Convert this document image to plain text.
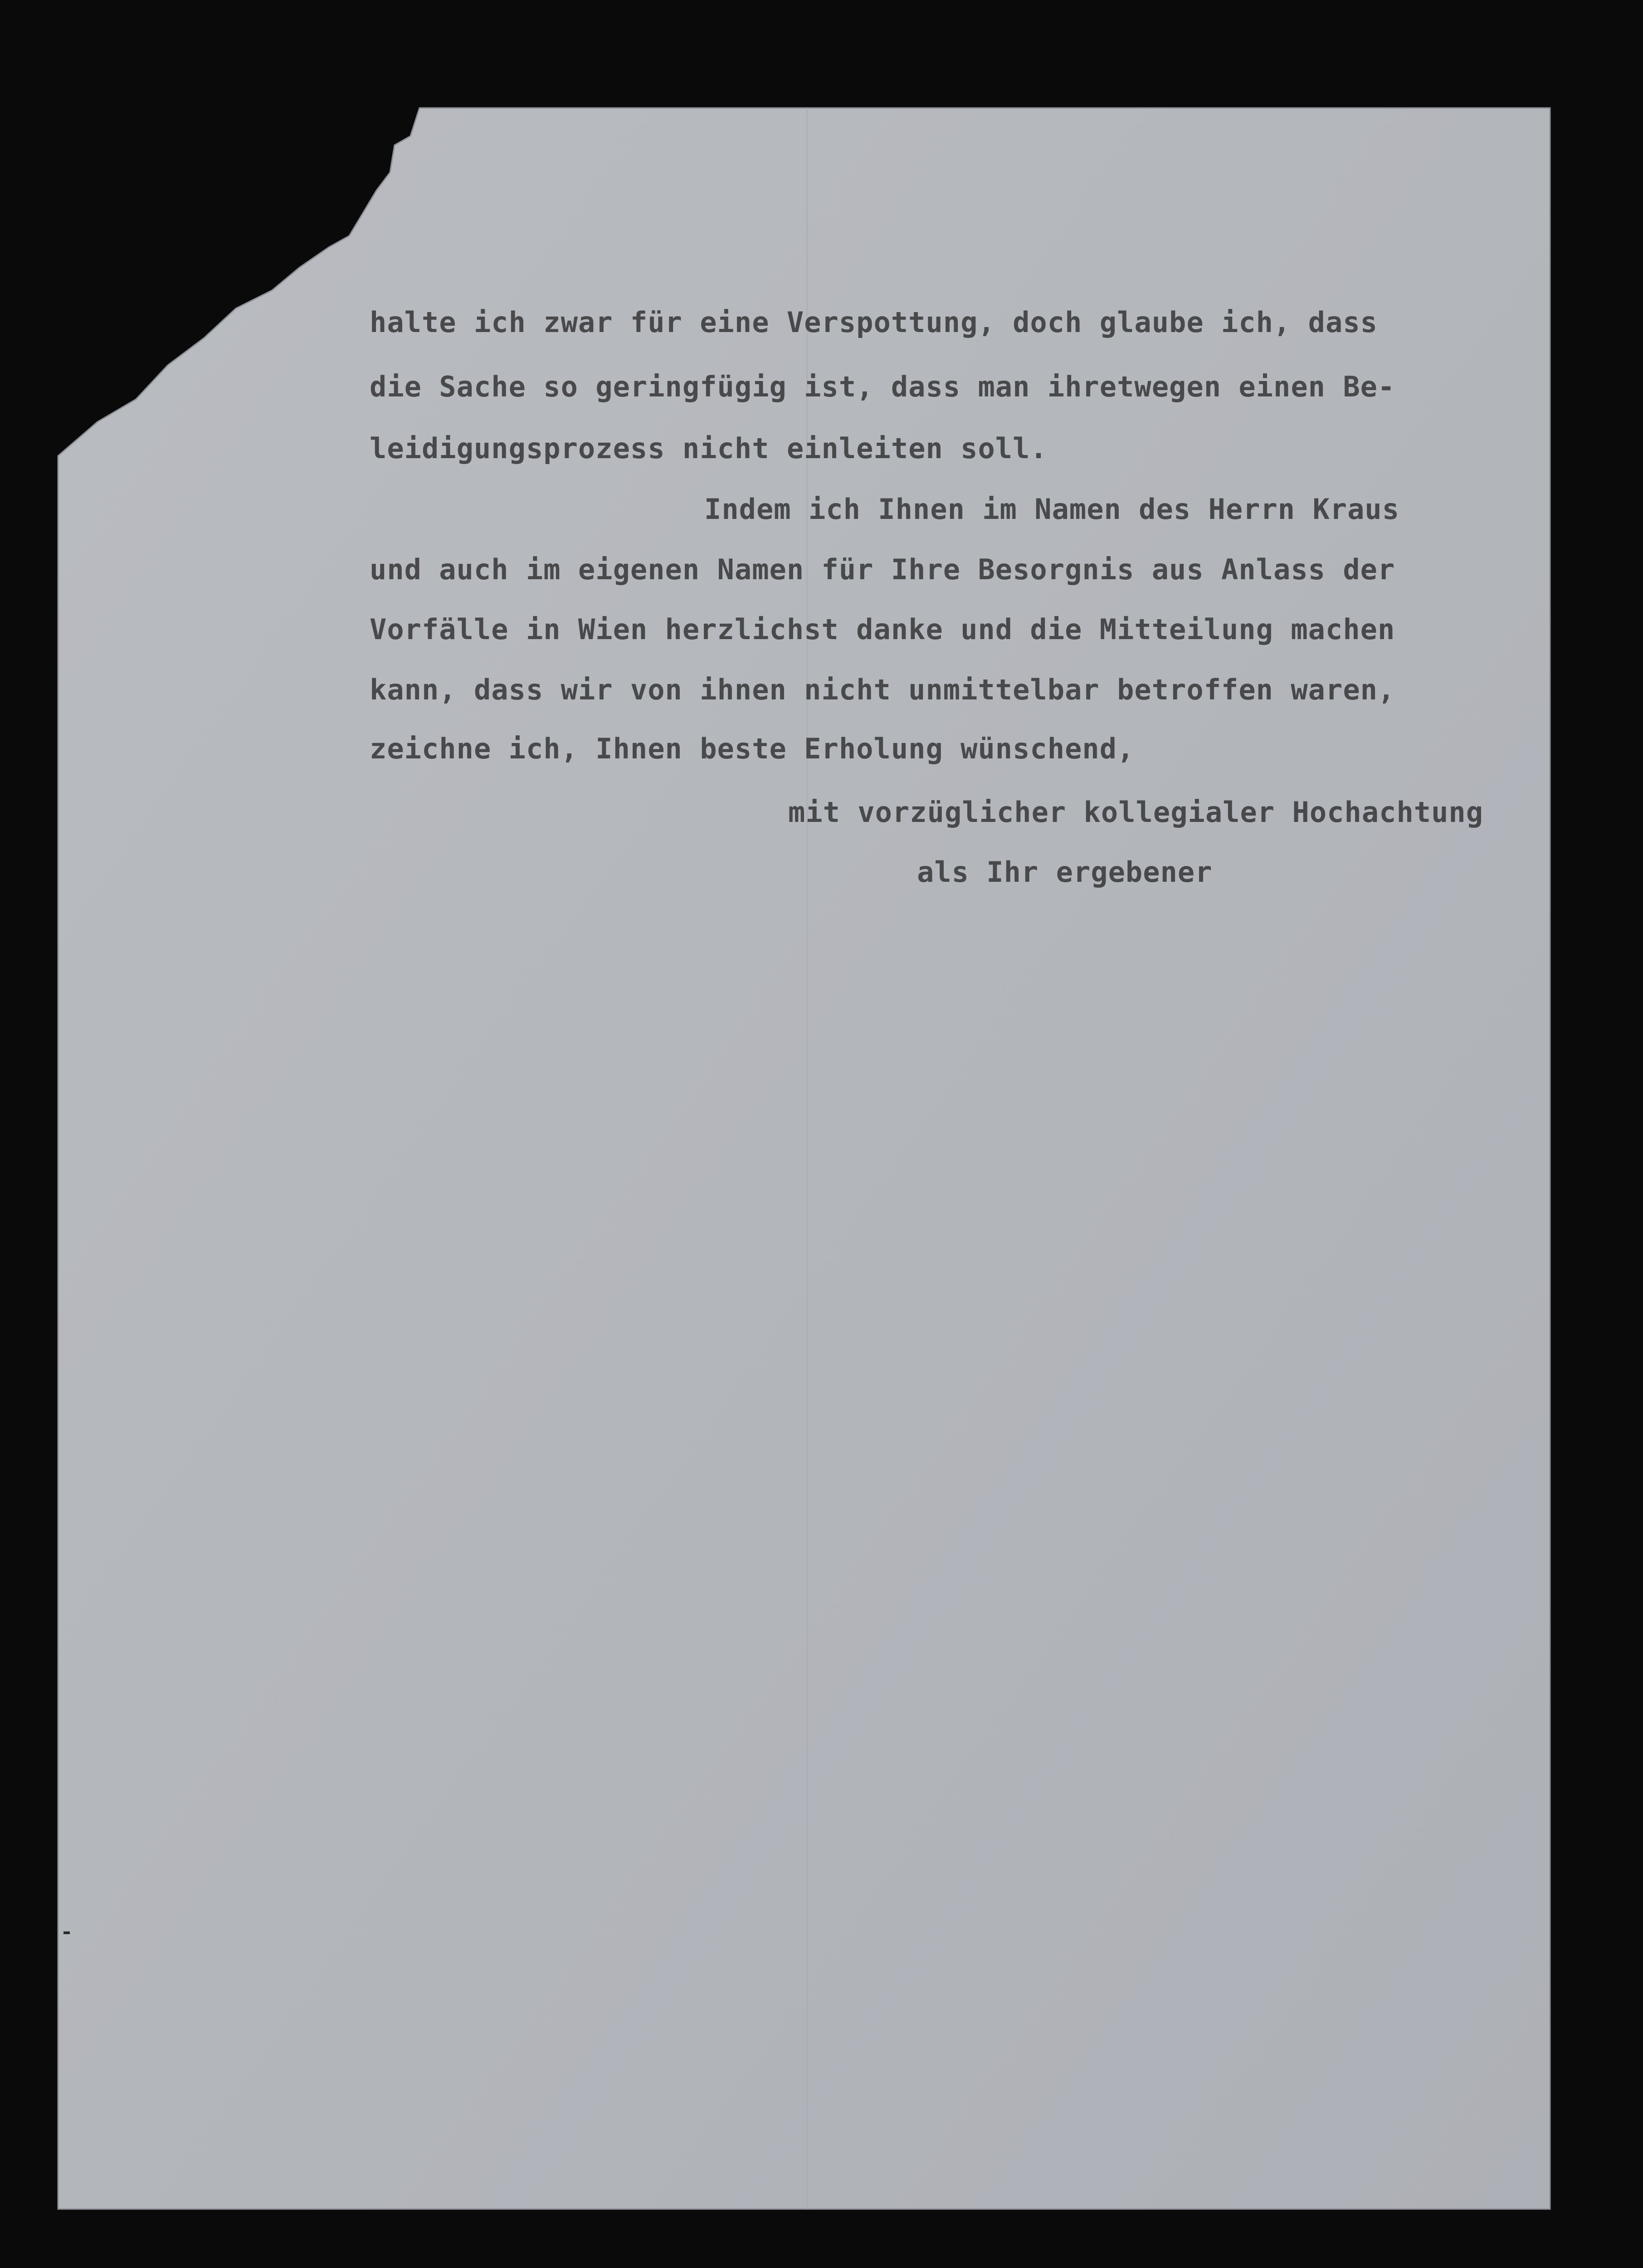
halte ich zwar für eine Verspottung, doch glaube ich, dass
die Sache so geringfügig ist, dass man ihretwegen einen Be-
leidigungsprozess nicht einleiten soll.
Indem ich Ihnen im Namen des Herrn Kraus
und auch im eigenen Namen für Ihre Besorgnis aus Anlass der
Vorfälle in Wien herzlichst danke und die Mitteilung machen
kann, dass wir von ihnen nicht unmittelbar betroffen waren,
zeichne ich, Ihnen beste Erholung wünschend,
mit vorzüglicher kollegialer Hochachtung
als Ihr ergebener
